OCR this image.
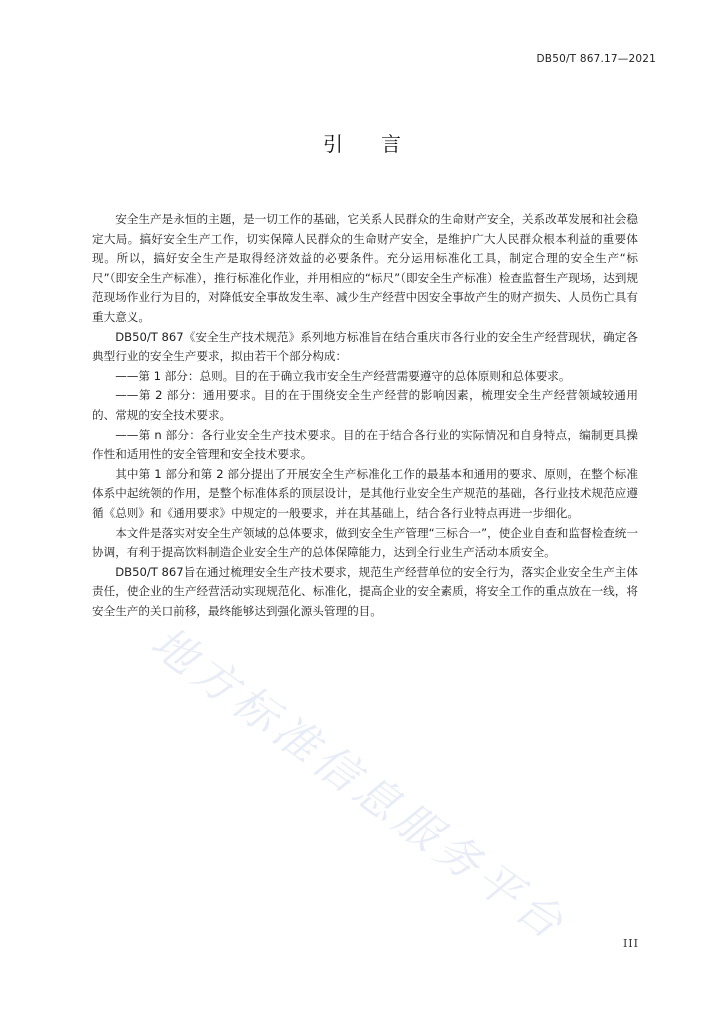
DB50/T 867.17—2021
引言

安全生产是永恒的主题，是一切工作的基础，它关系人民群众的生命财产安全，关系改革发展和社会稳定大局。搞好安全生产工作，切实保障人民群众的生命财产安全，是维护广大人民群众根本利益的重要体现。所以，搞好安全生产是取得经济效益的必要条件。充分运用标准化工具，制定合理的安全生产“标尺”（即安全生产标准），推行标准化作业，并用相应的“标尺”（即安全生产标准）检查监督生产现场，达到规范现场作业行为目的，对降低安全事故发生率、减少生产经营中因安全事故产生的财产损失、人员伤亡具有重大意义。

DB50/T 867《安全生产技术规范》系列地方标准旨在结合重庆市各行业的安全生产经营现状，确定各典型行业的安全生产要求，拟由若干个部分构成：

——第 1 部分：总则。目的在于确立我市安全生产经营需要遵守的总体原则和总体要求。

——第 2 部分：通用要求。目的在于围绕安全生产经营的影响因素，梳理安全生产经营领域较通用的、常规的安全技术要求。

——第 n 部分：各行业安全生产技术要求。目的在于结合各行业的实际情况和自身特点，编制更具操作性和适用性的安全管理和安全技术要求。

其中第 1 部分和第 2 部分提出了开展安全生产标准化工作的最基本和通用的要求、原则，在整个标准体系中起统领的作用，是整个标准体系的顶层设计，是其他行业安全生产规范的基础，各行业技术规范应遵循《总则》和《通用要求》中规定的一般要求，并在其基础上，结合各行业特点再进一步细化。

本文件是落实对安全生产领域的总体要求，做到安全生产管理“三标合一”，使企业自查和监督检查统一协调，有利于提高饮料制造企业安全生产的总体保障能力，达到全行业生产活动本质安全。

DB50/T 867旨在通过梳理安全生产技术要求，规范生产经营单位的安全行为，落实企业安全生产主体责任，使企业的生产经营活动实现规范化、标准化，提高企业的安全素质，将安全工作的重点放在一线，将安全生产的关口前移，最终能够达到强化源头管理的目。

地方标准信息服务平台	III
